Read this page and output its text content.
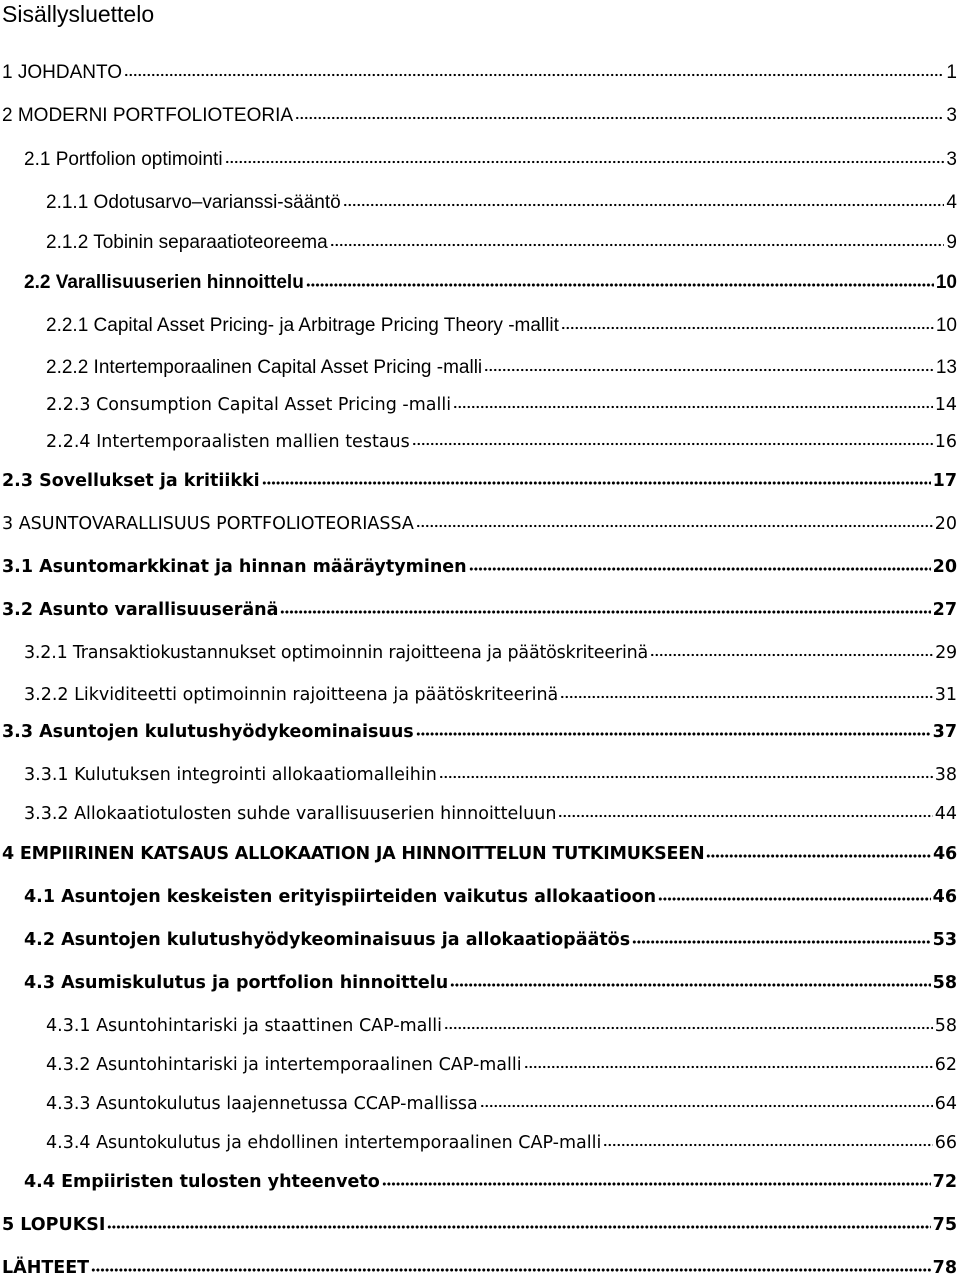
Sisällysluettelo
1 JOHDANTO	1
2 MODERNI PORTFOLIOTEORIA	3
2.1 Portfolion optimointi	3
2.1.1 Odotusarvo–varianssi-sääntö	4
2.1.2 Tobinin separaatioteoreema	9
2.2 Varallisuuserien hinnoittelu	10
2.2.1 Capital Asset Pricing- ja Arbitrage Pricing Theory -mallit	10
2.2.2 Intertemporaalinen Capital Asset Pricing -malli	13
2.2.3 Consumption Capital Asset Pricing -malli	14
2.2.4 Intertemporaalisten mallien testaus	16
2.3 Sovellukset ja kritiikki	17
3 ASUNTOVARALLISUUS PORTFOLIOTEORIASSA	20
3.1 Asuntomarkkinat ja hinnan määräytyminen	20
3.2 Asunto varallisuuseränä	27
3.2.1 Transaktiokustannukset optimoinnin rajoitteena ja päätöskriteerinä	29
3.2.2 Likviditeetti optimoinnin rajoitteena ja päätöskriteerinä	31
3.3 Asuntojen kulutushyödykeominaisuus	37
3.3.1 Kulutuksen integrointi allokaatiomalleihin	38
3.3.2 Allokaatiotulosten suhde varallisuuserien hinnoitteluun	44
4 EMPIIRINEN KATSAUS ALLOKAATION JA HINNOITTELUN TUTKIMUKSEEN	46
4.1 Asuntojen keskeisten erityispiirteiden vaikutus allokaatioon	46
4.2 Asuntojen kulutushyödykeominaisuus ja allokaatiopäätös	53
4.3 Asumiskulutus ja portfolion hinnoittelu	58
4.3.1 Asuntohintariski ja staattinen CAP-malli	58
4.3.2 Asuntohintariski ja intertemporaalinen CAP-malli	62
4.3.3 Asuntokulutus laajennetussa CCAP-mallissa	64
4.3.4 Asuntokulutus ja ehdollinen intertemporaalinen CAP-malli	66
4.4 Empiiristen tulosten yhteenveto	72
5 LOPUKSI	75
LÄHTEET	78
